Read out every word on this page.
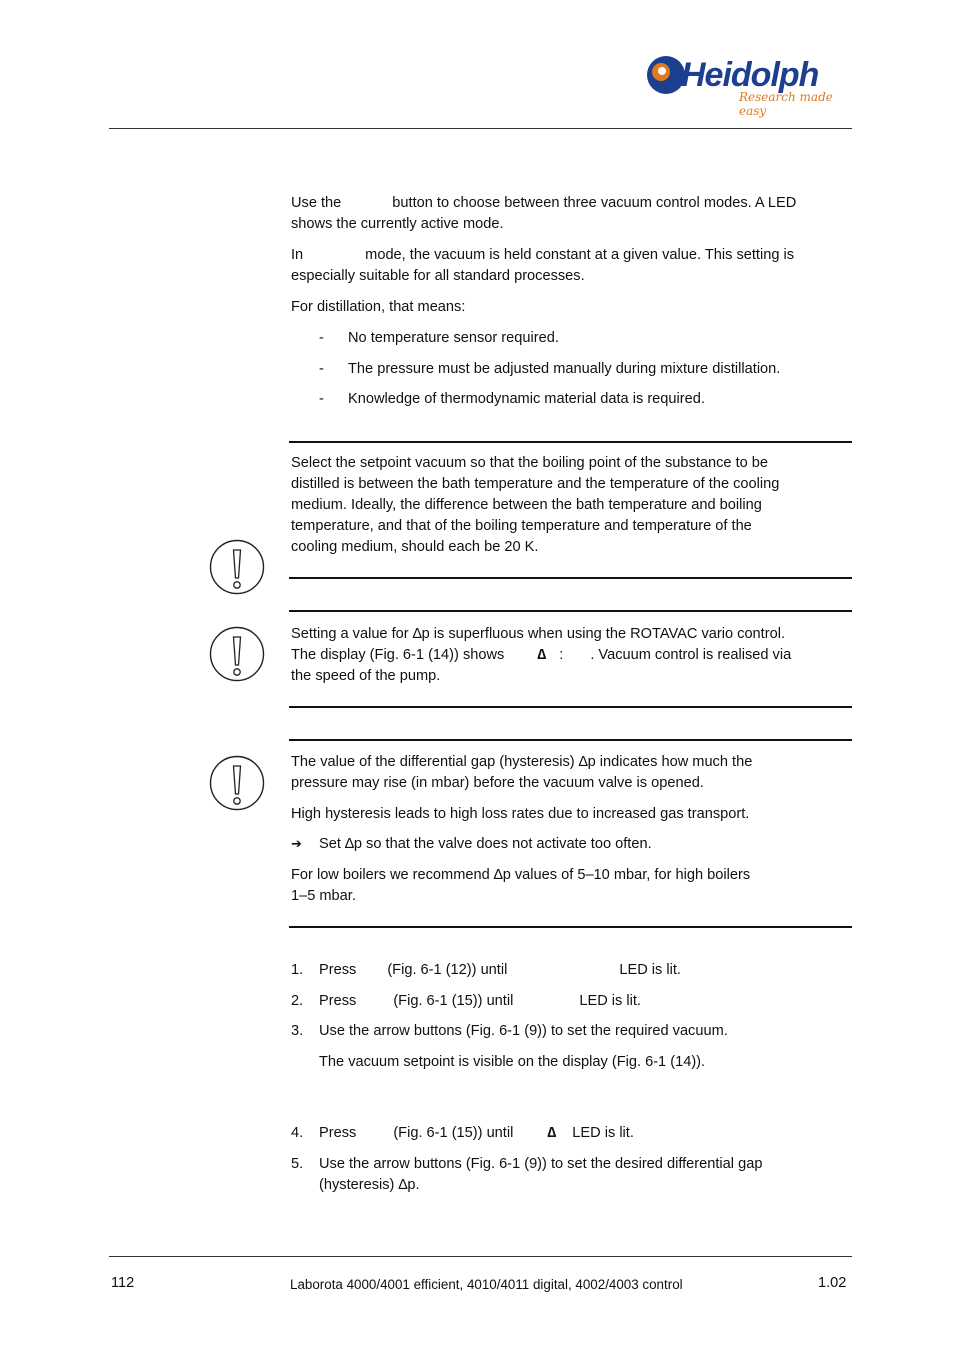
Heidolph
Research made easy
Use the	button to choose between three vacuum control modes. A LED
shows the currently active mode.
In	mode, the vacuum is held constant at a given value. This setting is
especially suitable for all standard processes.
For distillation, that means:
- No temperature sensor required.
- The pressure must be adjusted manually during mixture distillation.
- Knowledge of thermodynamic material data is required.
Select the setpoint vacuum so that the boiling point of the substance to be
distilled is between the bath temperature and the temperature of the cooling
medium. Ideally, the difference between the bath temperature and boiling
temperature, and that of the boiling temperature and temperature of the
cooling medium, should each be 20 K.
Setting a value for ∆p is superfluous when using the ROTAVAC vario control.
The display (Fig. 6-1 (14)) shows ∆ : . Vacuum control is realised via
the speed of the pump.
The value of the differential gap (hysteresis) ∆p indicates how much the
pressure may rise (in mbar) before the vacuum valve is opened.
High hysteresis leads to high loss rates due to increased gas transport.
➔ Set ∆p so that the valve does not activate too often.
For low boilers we recommend ∆p values of 5–10 mbar, for high boilers
1–5 mbar.
1. Press (Fig. 6-1 (12)) until	LED is lit.
2. Press	(Fig. 6-1 (15)) until	LED is lit.
3. Use the arrow buttons (Fig. 6-1 (9)) to set the required vacuum.
The vacuum setpoint is visible on the display (Fig. 6-1 (14)).
4. Press	(Fig. 6-1 (15)) until ∆ LED is lit.
5. Use the arrow buttons (Fig. 6-1 (9)) to set the desired differential gap
(hysteresis) ∆p.
112	Laborota 4000/4001 efficient, 4010/4011 digital, 4002/4003 control	1.02
